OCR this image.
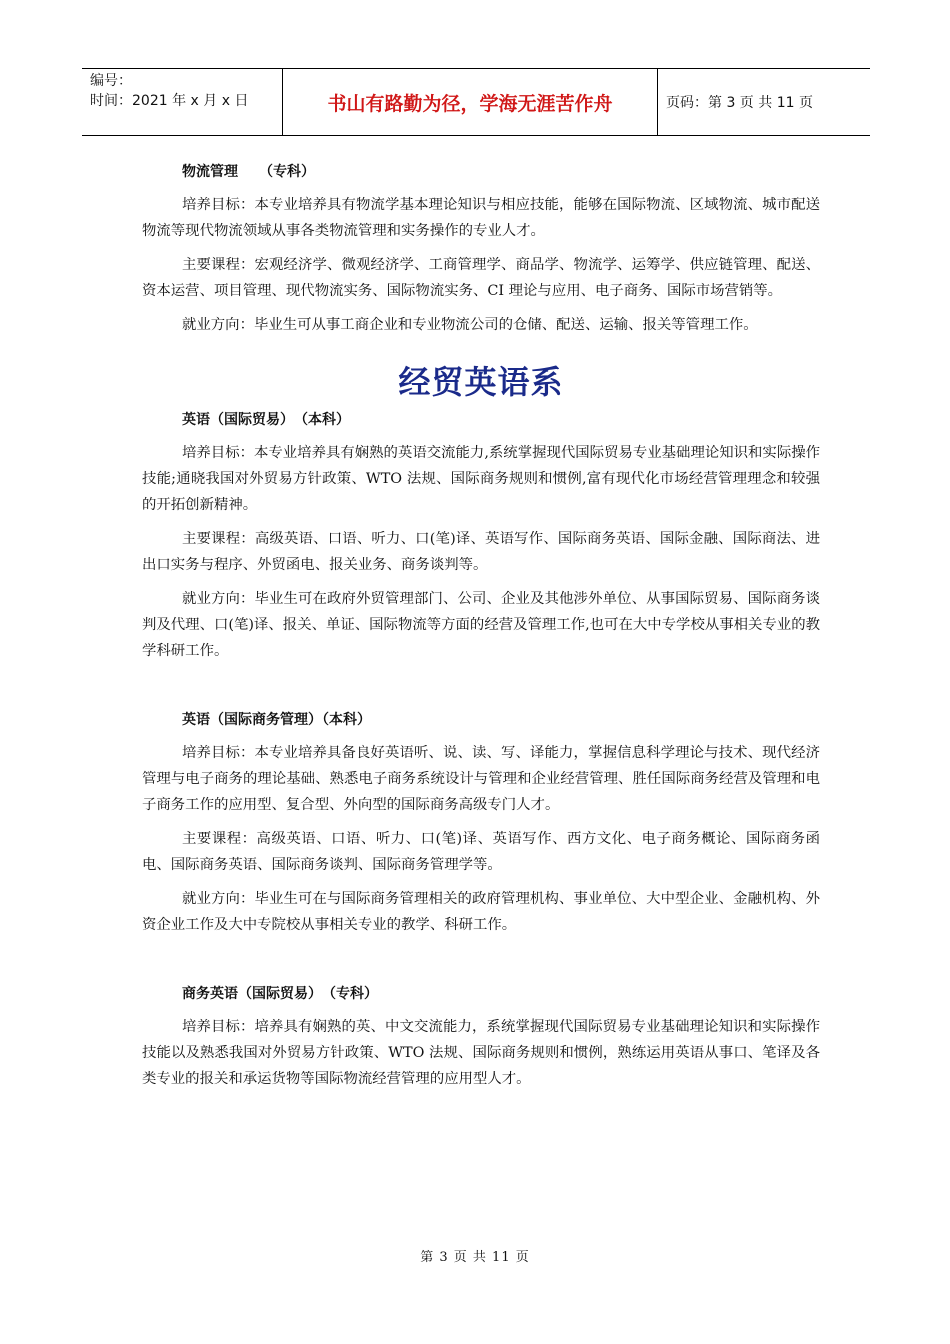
编号：
时间：2021 年 x 月 x 日	书山有路勤为径，学海无涯苦作舟	页码：第 3 页 共 11 页
物流管理　　（专科）

培养目标：本专业培养具有物流学基本理论知识与相应技能，能够在国际物流、区域物流、城市配送物流等现代物流领域从事各类物流管理和实务操作的专业人才。

主要课程：宏观经济学、微观经济学、工商管理学、商品学、物流学、运筹学、供应链管理、配送、资本运营、项目管理、现代物流实务、国际物流实务、CI 理论与应用、电子商务、国际市场营销等。

就业方向：毕业生可从事工商企业和专业物流公司的仓储、配送、运输、报关等管理工作。

经贸英语系
英语（国际贸易）　（本科）

培养目标：本专业培养具有娴熟的英语交流能力,系统掌握现代国际贸易专业基础理论知识和实际操作技能;通晓我国对外贸易方针政策、WTO 法规、国际商务规则和惯例,富有现代化市场经营管理理念和较强的开拓创新精神。

主要课程：高级英语、口语、听力、口(笔)译、英语写作、国际商务英语、国际金融、国际商法、进出口实务与程序、外贸函电、报关业务、商务谈判等。

就业方向：毕业生可在政府外贸管理部门、公司、企业及其他涉外单位、从事国际贸易、国际商务谈判及代理、口(笔)译、报关、单证、国际物流等方面的经营及管理工作,也可在大中专学校从事相关专业的教学科研工作。

英语（国际商务管理）（本科）

培养目标：本专业培养具备良好英语听、说、读、写、译能力，掌握信息科学理论与技术、现代经济管理与电子商务的理论基础、熟悉电子商务系统设计与管理和企业经营管理、胜任国际商务经营及管理和电子商务工作的应用型、复合型、外向型的国际商务高级专门人才。

主要课程：高级英语、口语、听力、口(笔)译、英语写作、西方文化、电子商务概论、国际商务函电、国际商务英语、国际商务谈判、国际商务管理学等。

就业方向：毕业生可在与国际商务管理相关的政府管理机构、事业单位、大中型企业、金融机构、外资企业工作及大中专院校从事相关专业的教学、科研工作。

商务英语（国际贸易）　（专科）

培养目标：培养具有娴熟的英、中文交流能力，系统掌握现代国际贸易专业基础理论知识和实际操作技能以及熟悉我国对外贸易方针政策、WTO 法规、国际商务规则和惯例，熟练运用英语从事口、笔译及各类专业的报关和承运货物等国际物流经营管理的应用型人才。

第 3 页 共 11 页
